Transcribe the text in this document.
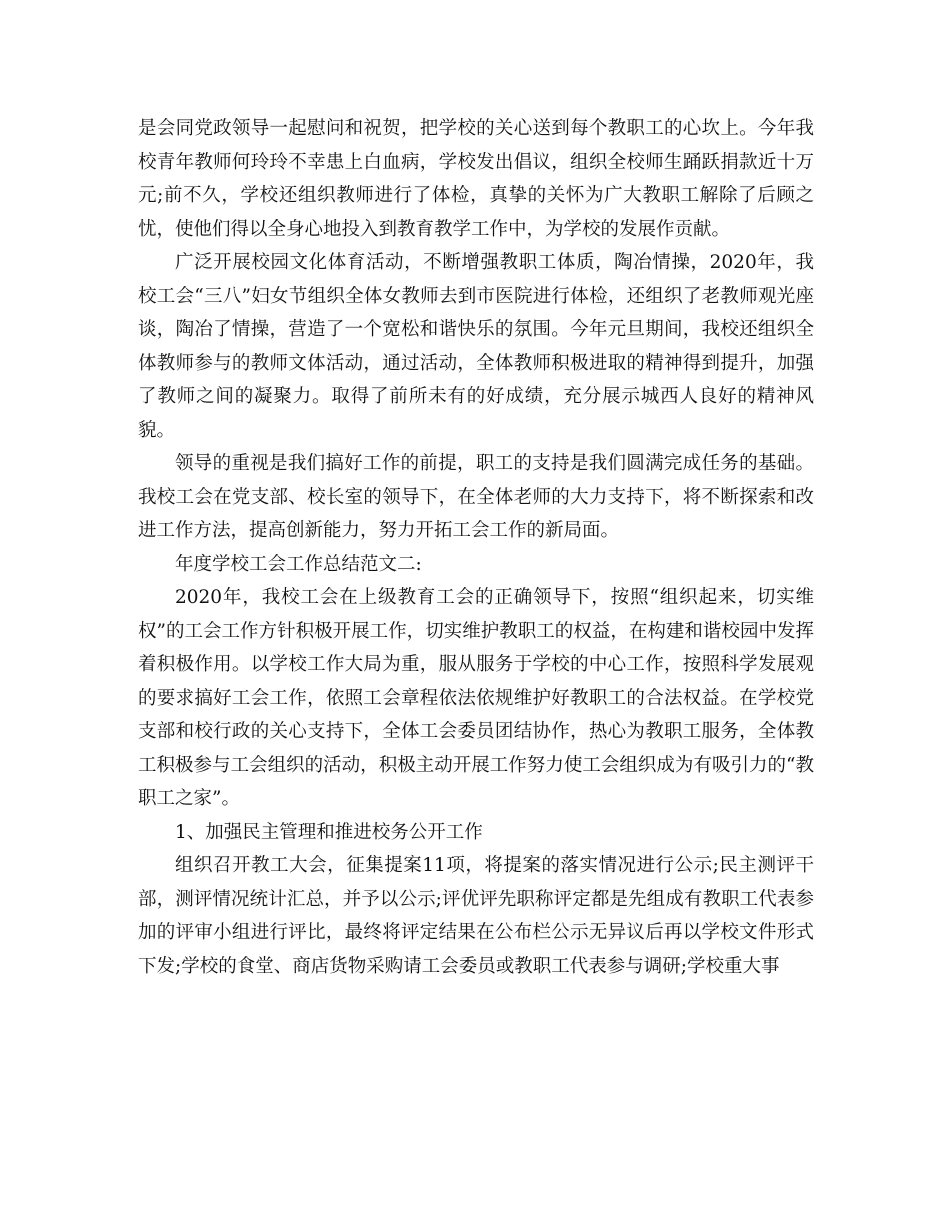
是会同党政领导一起慰问和祝贺，把学校的关心送到每个教职工的心坎上。今年我校青年教师何玲玲不幸患上白血病，学校发出倡议，组织全校师生踊跃捐款近十万元;前不久，学校还组织教师进行了体检，真挚的关怀为广大教职工解除了后顾之忧，使他们得以全身心地投入到教育教学工作中，为学校的发展作贡献。

广泛开展校园文化体育活动，不断增强教职工体质，陶冶情操，2020年，我校工会“三八”妇女节组织全体女教师去到市医院进行体检，还组织了老教师观光座谈，陶冶了情操，营造了一个宽松和谐快乐的氛围。今年元旦期间，我校还组织全体教师参与的教师文体活动，通过活动，全体教师积极进取的精神得到提升，加强了教师之间的凝聚力。取得了前所未有的好成绩，充分展示城西人良好的精神风貌。

领导的重视是我们搞好工作的前提，职工的支持是我们圆满完成任务的基础。我校工会在党支部、校长室的领导下，在全体老师的大力支持下，将不断探索和改进工作方法，提高创新能力，努力开拓工会工作的新局面。

年度学校工会工作总结范文二:

2020年，我校工会在上级教育工会的正确领导下，按照“组织起来，切实维权”的工会工作方针积极开展工作，切实维护教职工的权益，在构建和谐校园中发挥着积极作用。以学校工作大局为重，服从服务于学校的中心工作，按照科学发展观的要求搞好工会工作，依照工会章程依法依规维护好教职工的合法权益。在学校党支部和校行政的关心支持下，全体工会委员团结协作，热心为教职工服务，全体教工积极参与工会组织的活动，积极主动开展工作努力使工会组织成为有吸引力的“教职工之家”。

1、加强民主管理和推进校务公开工作

组织召开教工大会，征集提案11项，将提案的落实情况进行公示;民主测评干部，测评情况统计汇总，并予以公示;评优评先职称评定都是先组成有教职工代表参加的评审小组进行评比，最终将评定结果在公布栏公示无异议后再以学校文件形式下发;学校的食堂、商店货物采购请工会委员或教职工代表参与调研;学校重大事
